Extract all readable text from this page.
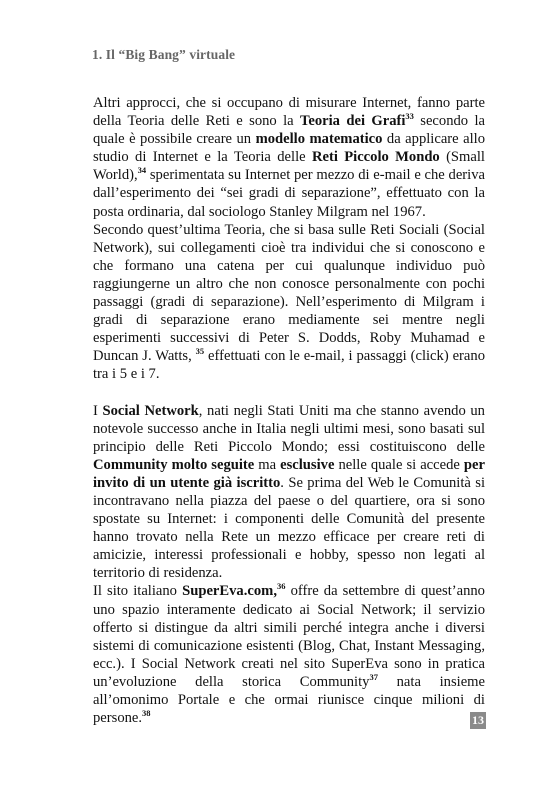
1. Il “Big Bang” virtuale

Altri approcci, che si occupano di misurare Internet, fanno parte della Teoria delle Reti e sono la Teoria dei Grafi$^{33}$ secondo la quale è possibile creare un modello matematico da applicare allo studio di Internet e la Teoria delle Reti Piccolo Mondo (Small World),$^{34}$ sperimentata su Internet per mezzo di e-mail e che deriva dall’esperimento dei “sei gradi di separazione”, effettuato con la posta ordinaria, dal sociologo Stanley Milgram nel 1967.

Secondo quest’ultima Teoria, che si basa sulle Reti Sociali (Social Network), sui collegamenti cioè tra individui che si conoscono e che formano una catena per cui qualunque individuo può raggiungerne un altro che non conosce personalmente con pochi passaggi (gradi di separazione). Nell’esperimento di Milgram i gradi di separazione erano mediamente sei mentre negli esperimenti successivi di Peter S. Dodds, Roby Muhamad e Duncan J. Watts, $^{35}$ effettuati con le e-mail, i passaggi (click) erano tra i 5 e i 7.

I Social Network, nati negli Stati Uniti ma che stanno avendo un notevole successo anche in Italia negli ultimi mesi, sono basati sul principio delle Reti Piccolo Mondo; essi costituiscono delle Community molto seguite ma esclusive nelle quale si accede per invito di un utente già iscritto. Se prima del Web le Comunità si incontravano nella piazza del paese o del quartiere, ora si sono spostate su Internet: i componenti delle Comunità del presente hanno trovato nella Rete un mezzo efficace per creare reti di amicizie, interessi professionali e hobby, spesso non legati al territorio di residenza.

Il sito italiano SuperEva.com,$^{36}$ offre da settembre di quest’anno uno spazio interamente dedicato ai Social Network; il servizio offerto si distingue da altri simili perché integra anche i diversi sistemi di comunicazione esistenti (Blog, Chat, Instant Messaging, ecc.). I Social Network creati nel sito SuperEva sono in pratica un’evoluzione della storica Community$^{37}$ nata insieme all’omonimo Portale e che ormai riunisce cinque milioni di persone.$^{38}$	13
